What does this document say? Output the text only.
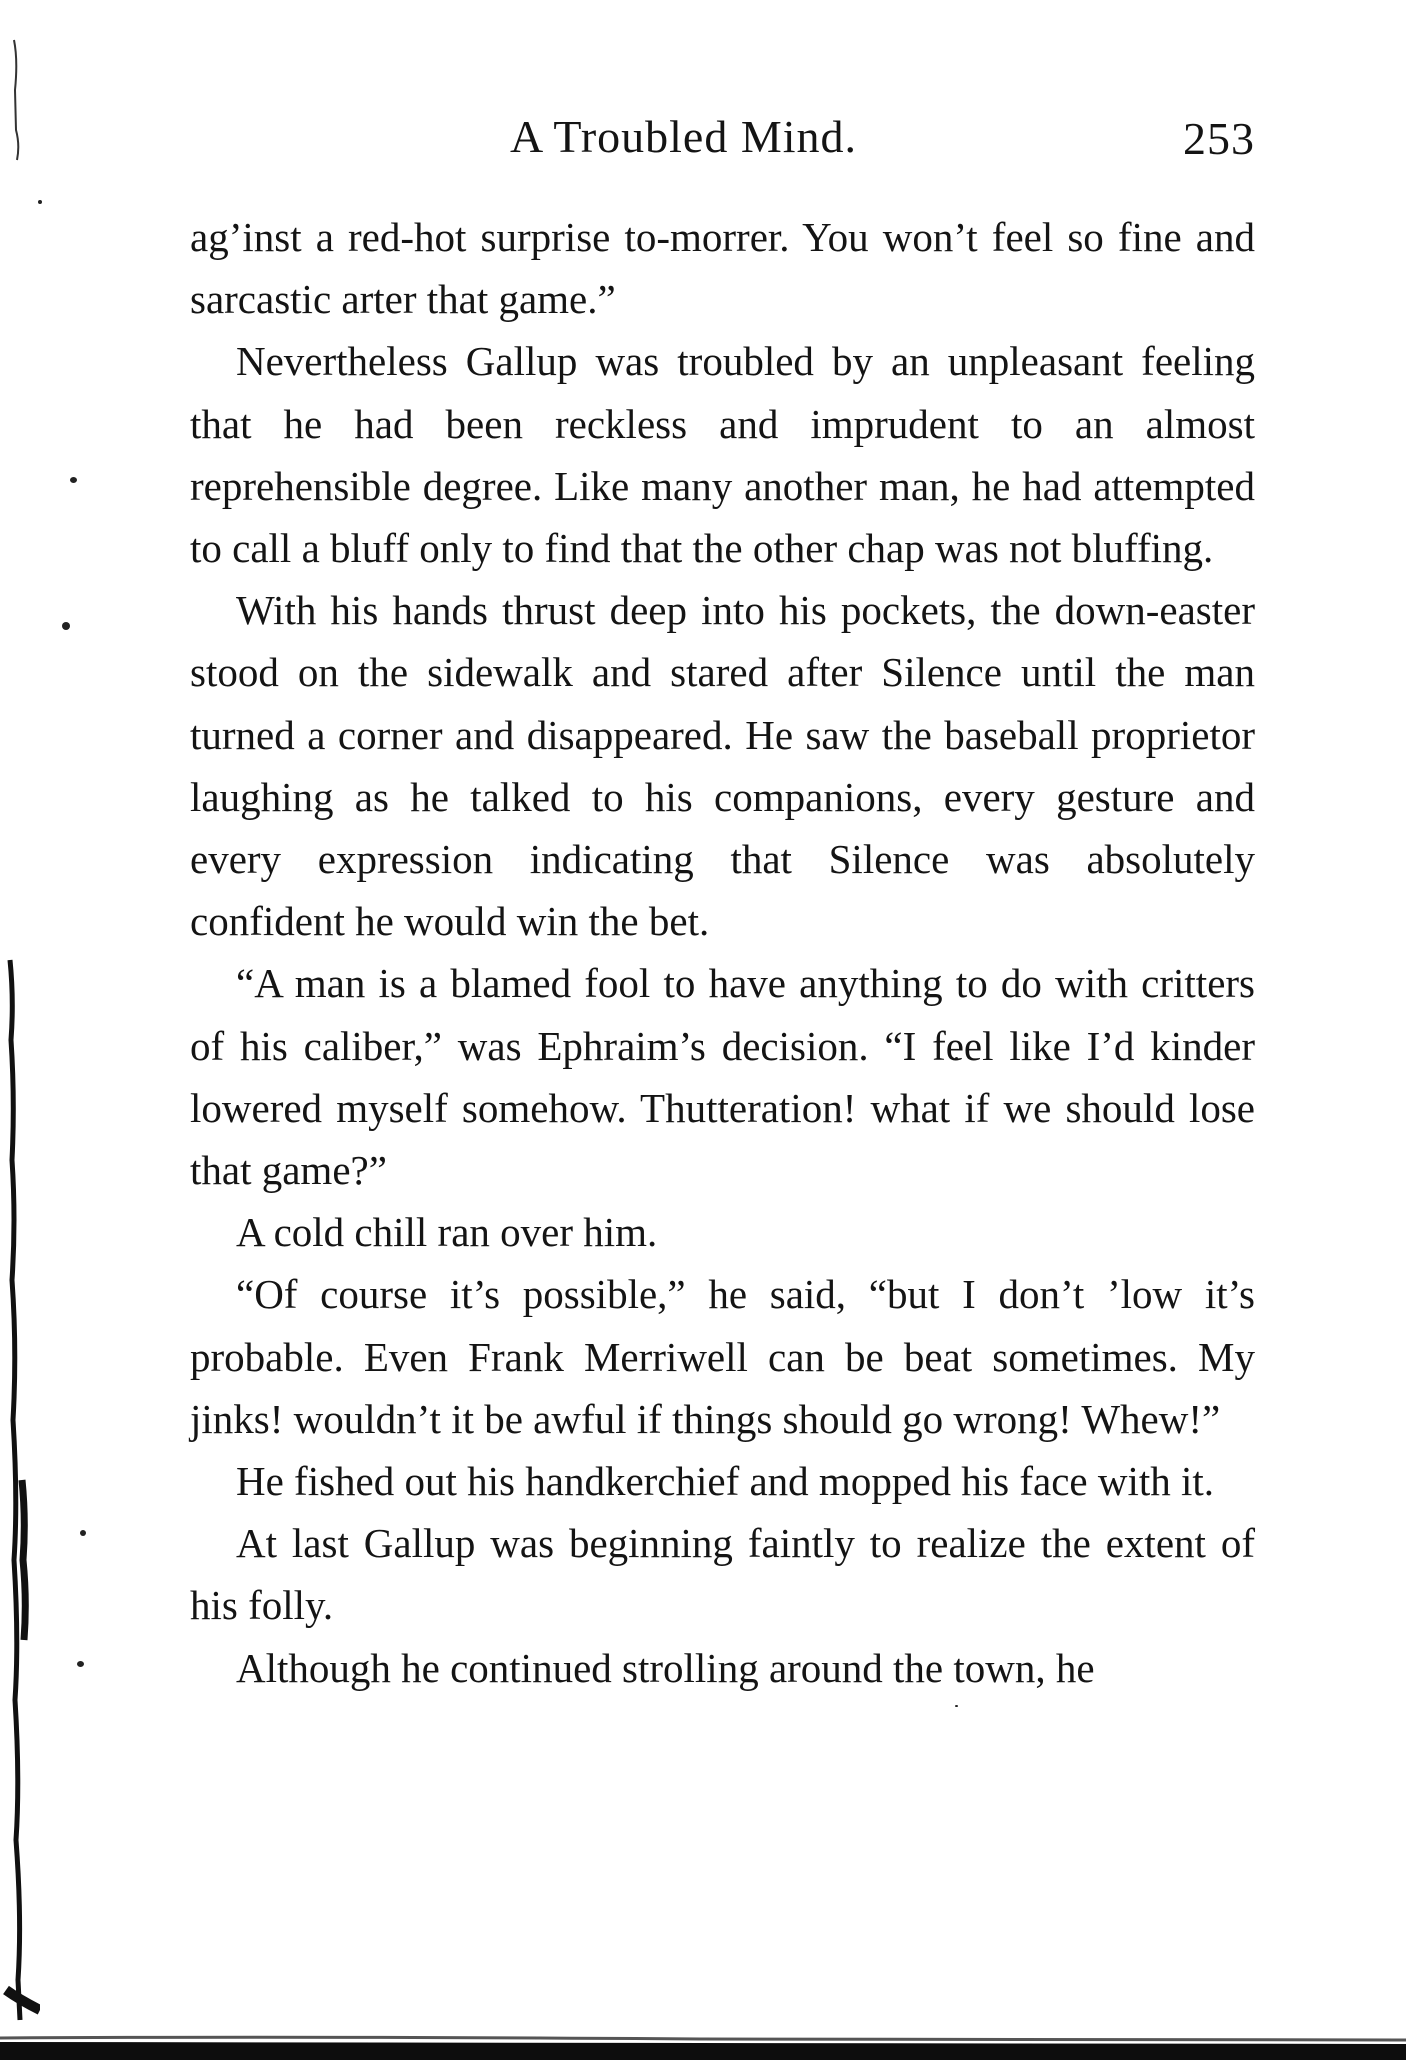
A Troubled Mind.	253

ag’inst a red-hot surprise to-morrer. You won’t feel so fine and sarcastic arter that game.”

Nevertheless Gallup was troubled by an unpleasant feeling that he had been reckless and imprudent to an almost reprehensible degree. Like many another man, he had attempted to call a bluff only to find that the other chap was not bluffing.

With his hands thrust deep into his pockets, the down-easter stood on the sidewalk and stared after Silence until the man turned a corner and disappeared. He saw the baseball proprietor laughing as he talked to his companions, every gesture and every expression indicating that Silence was absolutely confident he would win the bet.

“A man is a blamed fool to have anything to do with critters of his caliber,” was Ephraim’s decision. “I feel like I’d kinder lowered myself somehow. Thutteration! what if we should lose that game?”

A cold chill ran over him.

“Of course it’s possible,” he said, “but I don’t ’low it’s probable. Even Frank Merriwell can be beat sometimes. My jinks! wouldn’t it be awful if things should go wrong! Whew!”

He fished out his handkerchief and mopped his face with it.

At last Gallup was beginning faintly to realize the extent of his folly.

Although he continued strolling around the town, he
